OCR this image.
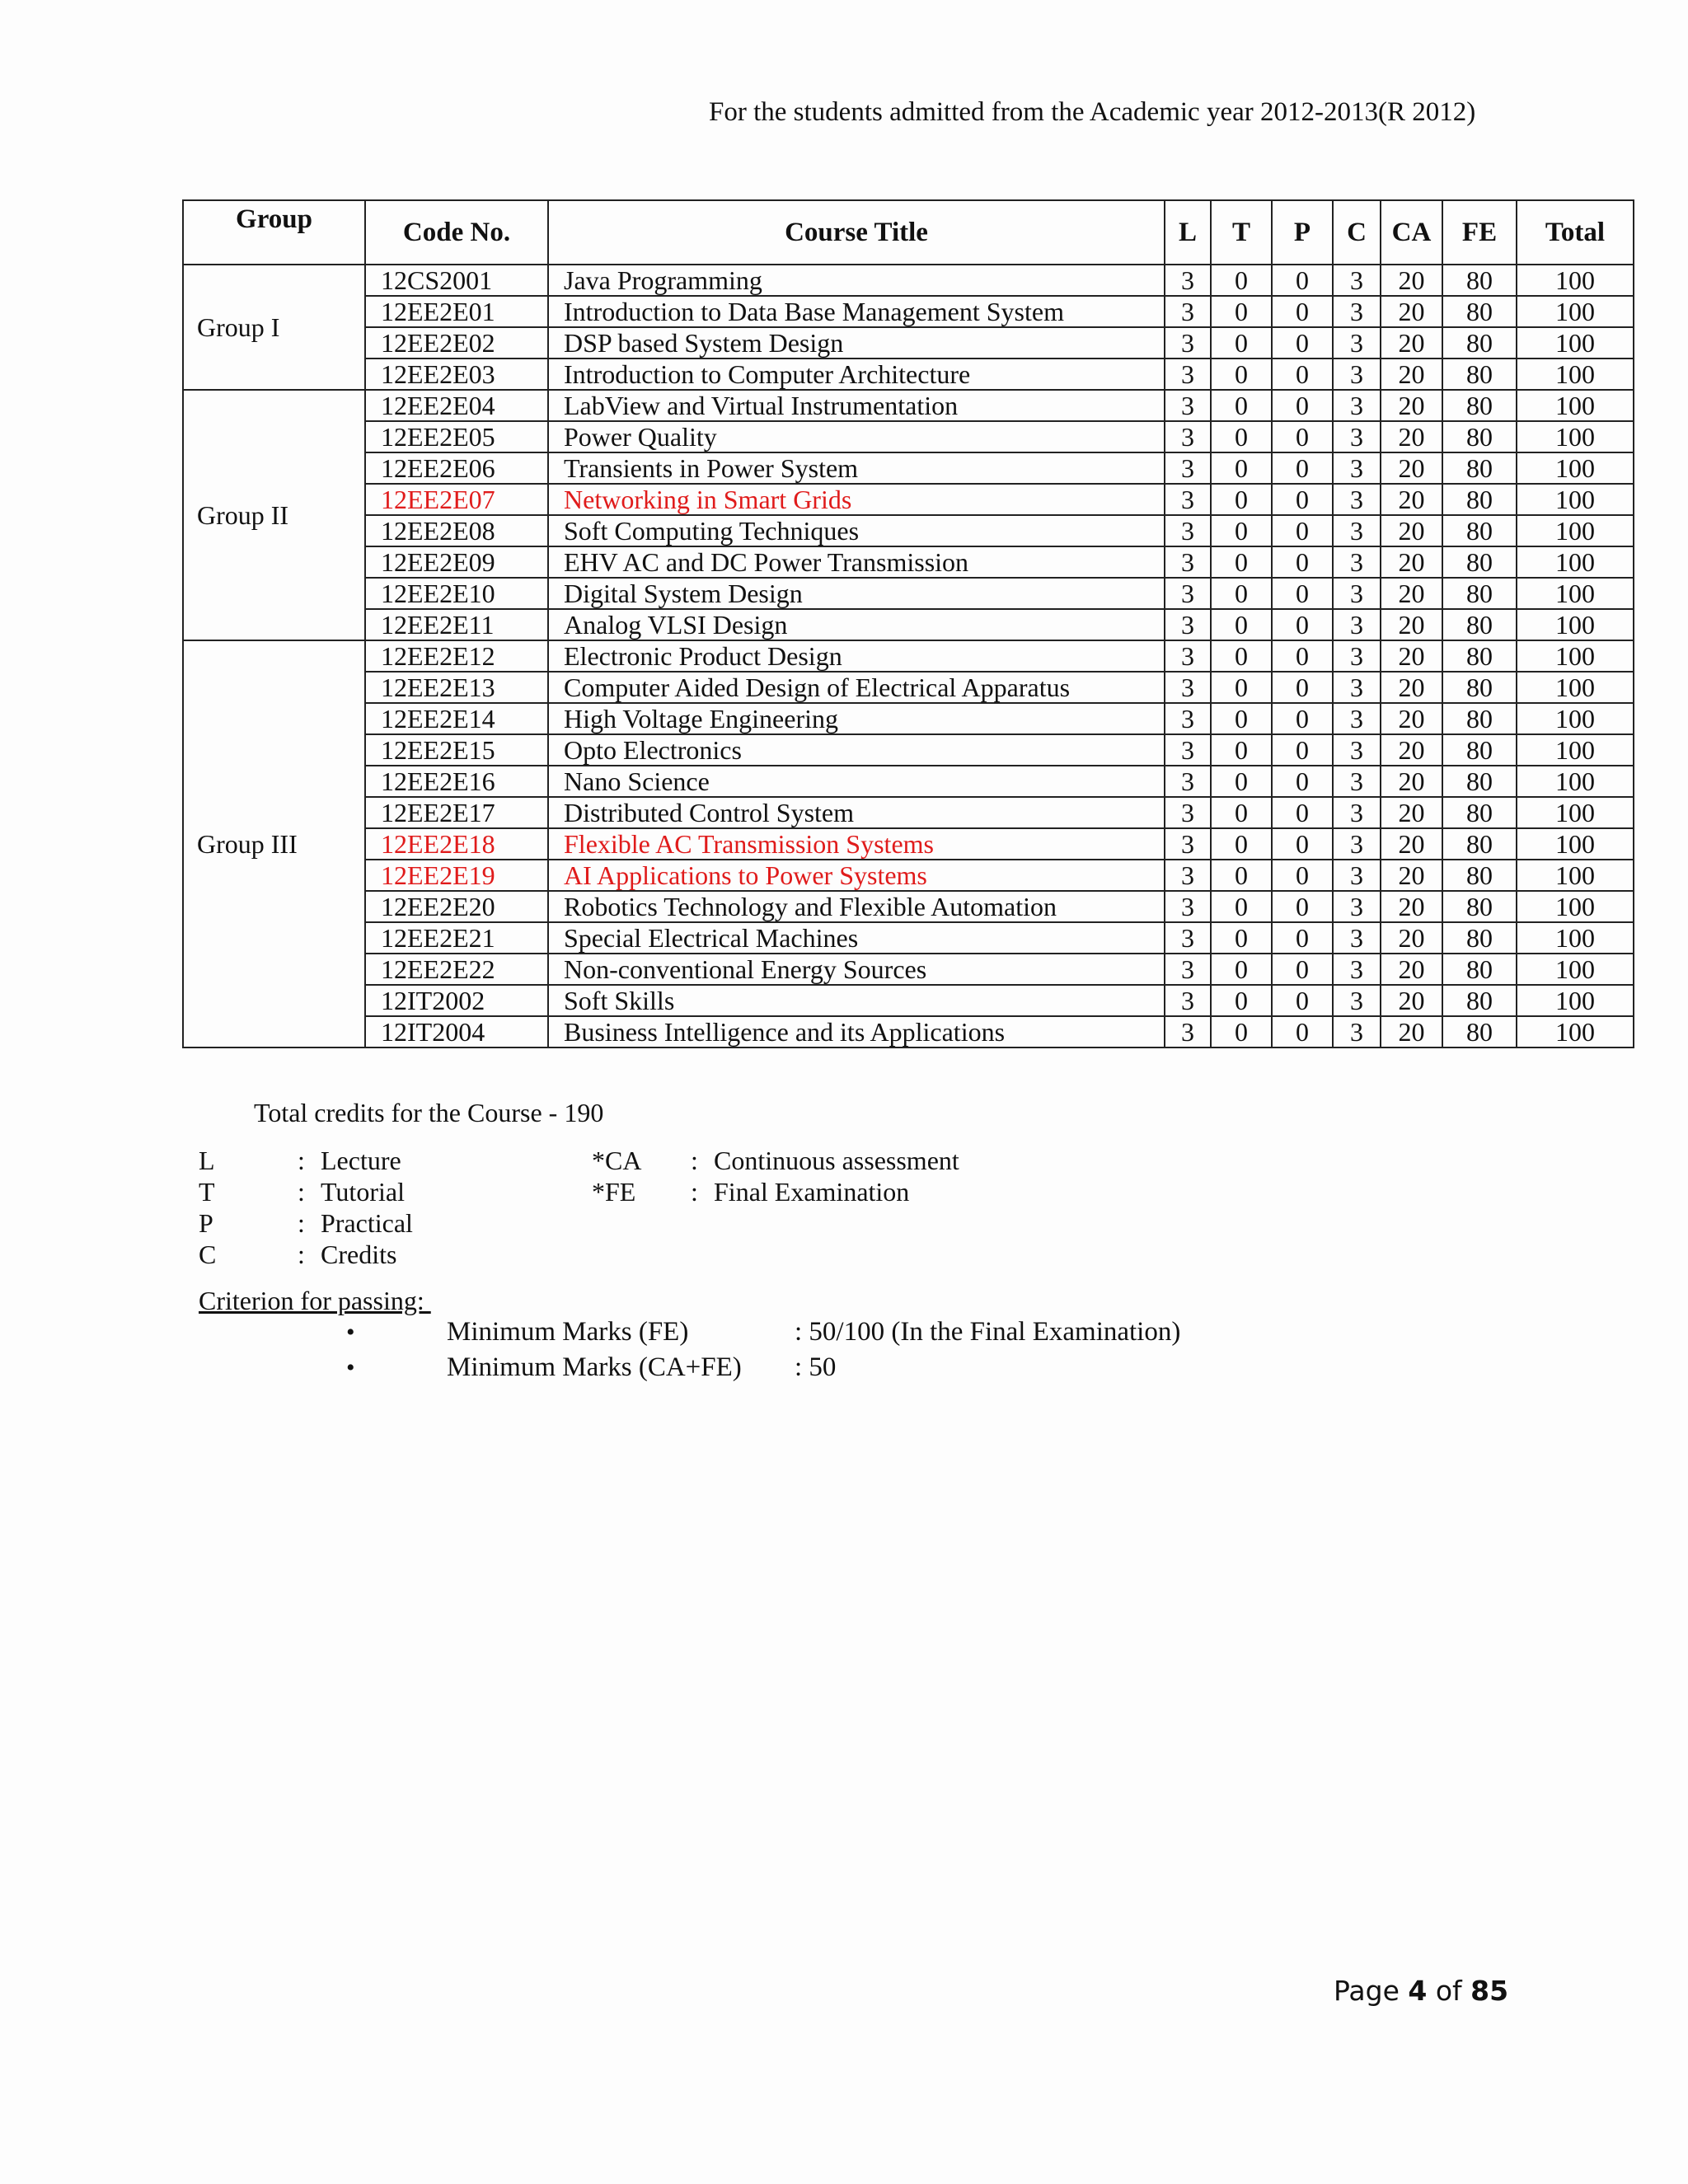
For the students admitted from the Academic year 2012-2013(R 2012)
Group	Code No.	Course Title	L	T	P	C	CA	FE	Total
Group I	12CS2001	Java Programming	3	0	0	3	20	80	100
	12EE2E01	Introduction to Data Base Management System	3	0	0	3	20	80	100
	12EE2E02	DSP based System Design	3	0	0	3	20	80	100
	12EE2E03	Introduction to Computer Architecture	3	0	0	3	20	80	100
Group II	12EE2E04	LabView and Virtual Instrumentation	3	0	0	3	20	80	100
	12EE2E05	Power Quality	3	0	0	3	20	80	100
	12EE2E06	Transients in Power System	3	0	0	3	20	80	100
	12EE2E07	Networking in Smart Grids	3	0	0	3	20	80	100
	12EE2E08	Soft Computing Techniques	3	0	0	3	20	80	100
	12EE2E09	EHV AC and DC Power Transmission	3	0	0	3	20	80	100
	12EE2E10	Digital System Design	3	0	0	3	20	80	100
	12EE2E11	Analog VLSI Design	3	0	0	3	20	80	100
Group III	12EE2E12	Electronic Product Design	3	0	0	3	20	80	100
	12EE2E13	Computer Aided Design of Electrical Apparatus	3	0	0	3	20	80	100
	12EE2E14	High Voltage Engineering	3	0	0	3	20	80	100
	12EE2E15	Opto Electronics	3	0	0	3	20	80	100
	12EE2E16	Nano Science	3	0	0	3	20	80	100
	12EE2E17	Distributed Control System	3	0	0	3	20	80	100
	12EE2E18	Flexible AC Transmission Systems	3	0	0	3	20	80	100
	12EE2E19	AI Applications to Power Systems	3	0	0	3	20	80	100
	12EE2E20	Robotics Technology and Flexible Automation	3	0	0	3	20	80	100
	12EE2E21	Special Electrical Machines	3	0	0	3	20	80	100
	12EE2E22	Non-conventional Energy Sources	3	0	0	3	20	80	100
	12IT2002	Soft Skills	3	0	0	3	20	80	100
	12IT2004	Business Intelligence and its Applications	3	0	0	3	20	80	100
Total credits for the Course - 190
L	: Lecture
T	: Tutorial
P	: Practical
C	: Credits
*CA : Continuous assessment
*FE : Final Examination
Criterion for passing:
•	Minimum Marks (FE)	: 50/100 (In the Final Examination)
•	Minimum Marks (CA+FE) : 50
Page 4 of 85
